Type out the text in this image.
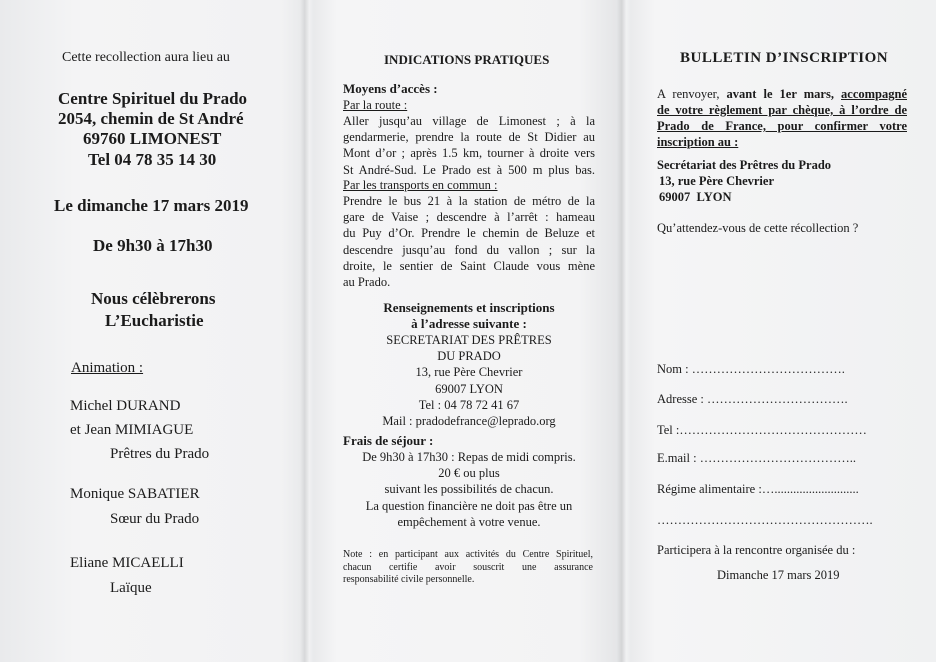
Cette recollection aura lieu au
Centre Spirituel du Prado
2054, chemin de St André
69760 LIMONEST
Tel 04 78 35 14 30
Le dimanche 17 mars 2019
De 9h30 à 17h30
Nous célèbrerons
L’Eucharistie
Animation :
Michel DURAND
et Jean MIMIAGUE
Prêtres du Prado
Monique SABATIER
Sœur du Prado
Eliane MICAELLI
Laïque
INDICATIONS PRATIQUES
Moyens d’accès :
Par la route :
Aller jusqu’au village de Limonest ; à la
gendarmerie, prendre la route de St Didier au
Mont d’or ; après 1.5 km, tourner à droite vers
St André-Sud. Le Prado est à 500 m plus bas.
Par les transports en commun :
Prendre le bus 21 à la station de métro de la
gare de Vaise ; descendre à l’arrêt : hameau
du Puy d’Or. Prendre le chemin de Beluze et
descendre jusqu’au fond du vallon ; sur la
droite, le sentier de Saint Claude vous mène
au Prado.
Renseignements et inscriptions
à l’adresse suivante :
SECRETARIAT DES PRÊTRES
DU PRADO
13, rue Père Chevrier
69007 LYON
Tel : 04 78 72 41 67
Mail : pradodefrance@leprado.org
Frais de séjour :
De 9h30 à 17h30 : Repas de midi compris.
20 € ou plus
suivant les possibilités de chacun.
La question financière ne doit pas être un
empêchement à votre venue.
Note : en participant aux activités du Centre Spirituel,
chacun certifie avoir souscrit une assurance
responsabilité civile personnelle.
BULLETIN D’INSCRIPTION
A renvoyer, avant le 1er mars, accompagné
de votre règlement par chèque, à l’ordre de
Prado de France, pour confirmer votre
inscription au :
Secrétariat des Prêtres du Prado
13, rue Père Chevrier
69007  LYON
Qu’attendez-vous de cette récollection ?
Nom : ……………………………….
Adresse : …………………………….
Tel :………………………………………
E.mail : ………………………………..
Régime alimentaire :…...........................
…………………………………………….
Participera à la rencontre organisée du :
Dimanche 17 mars 2019
